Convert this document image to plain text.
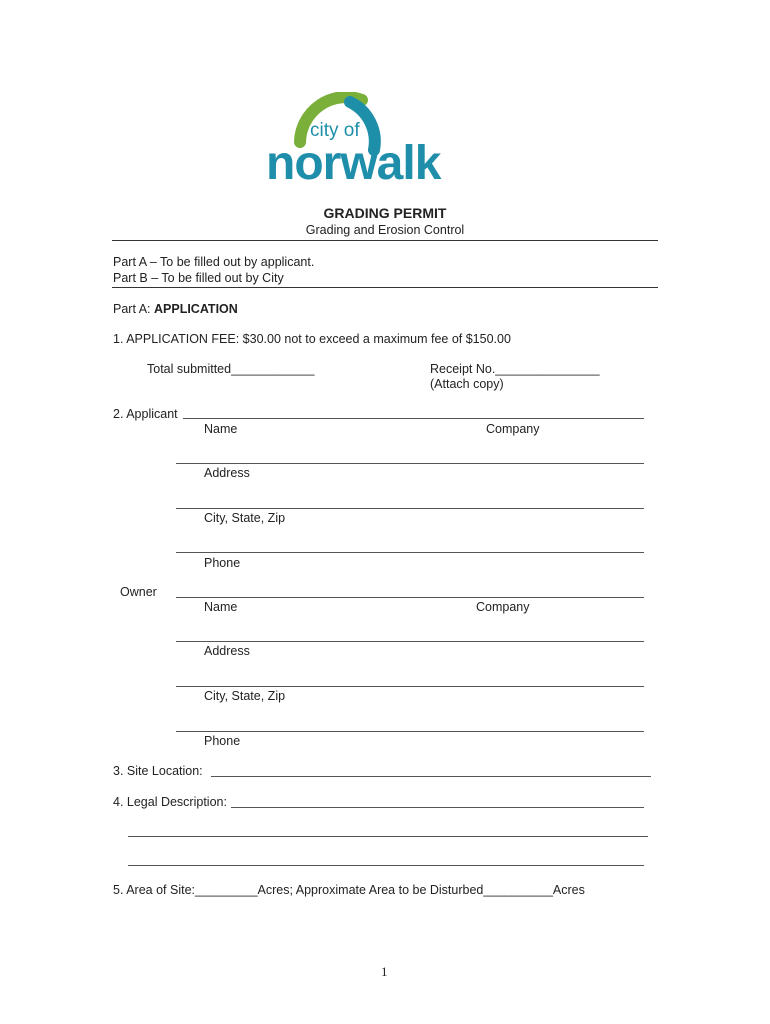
city of
norwalk
GRADING PERMIT
Grading and Erosion Control
Part A – To be filled out by applicant.
Part B – To be filled out by City
Part A: APPLICATION
1. APPLICATION FEE: $30.00 not to exceed a maximum fee of $150.00
Total submitted____________	Receipt No._______________
(Attach copy)
2. Applicant
Name	Company
Address
City, State, Zip
Phone
Owner
Name	Company
Address
City, State, Zip
Phone
3. Site Location:
4. Legal Description:
5. Area of Site:_________Acres; Approximate Area to be Disturbed__________Acres
1
